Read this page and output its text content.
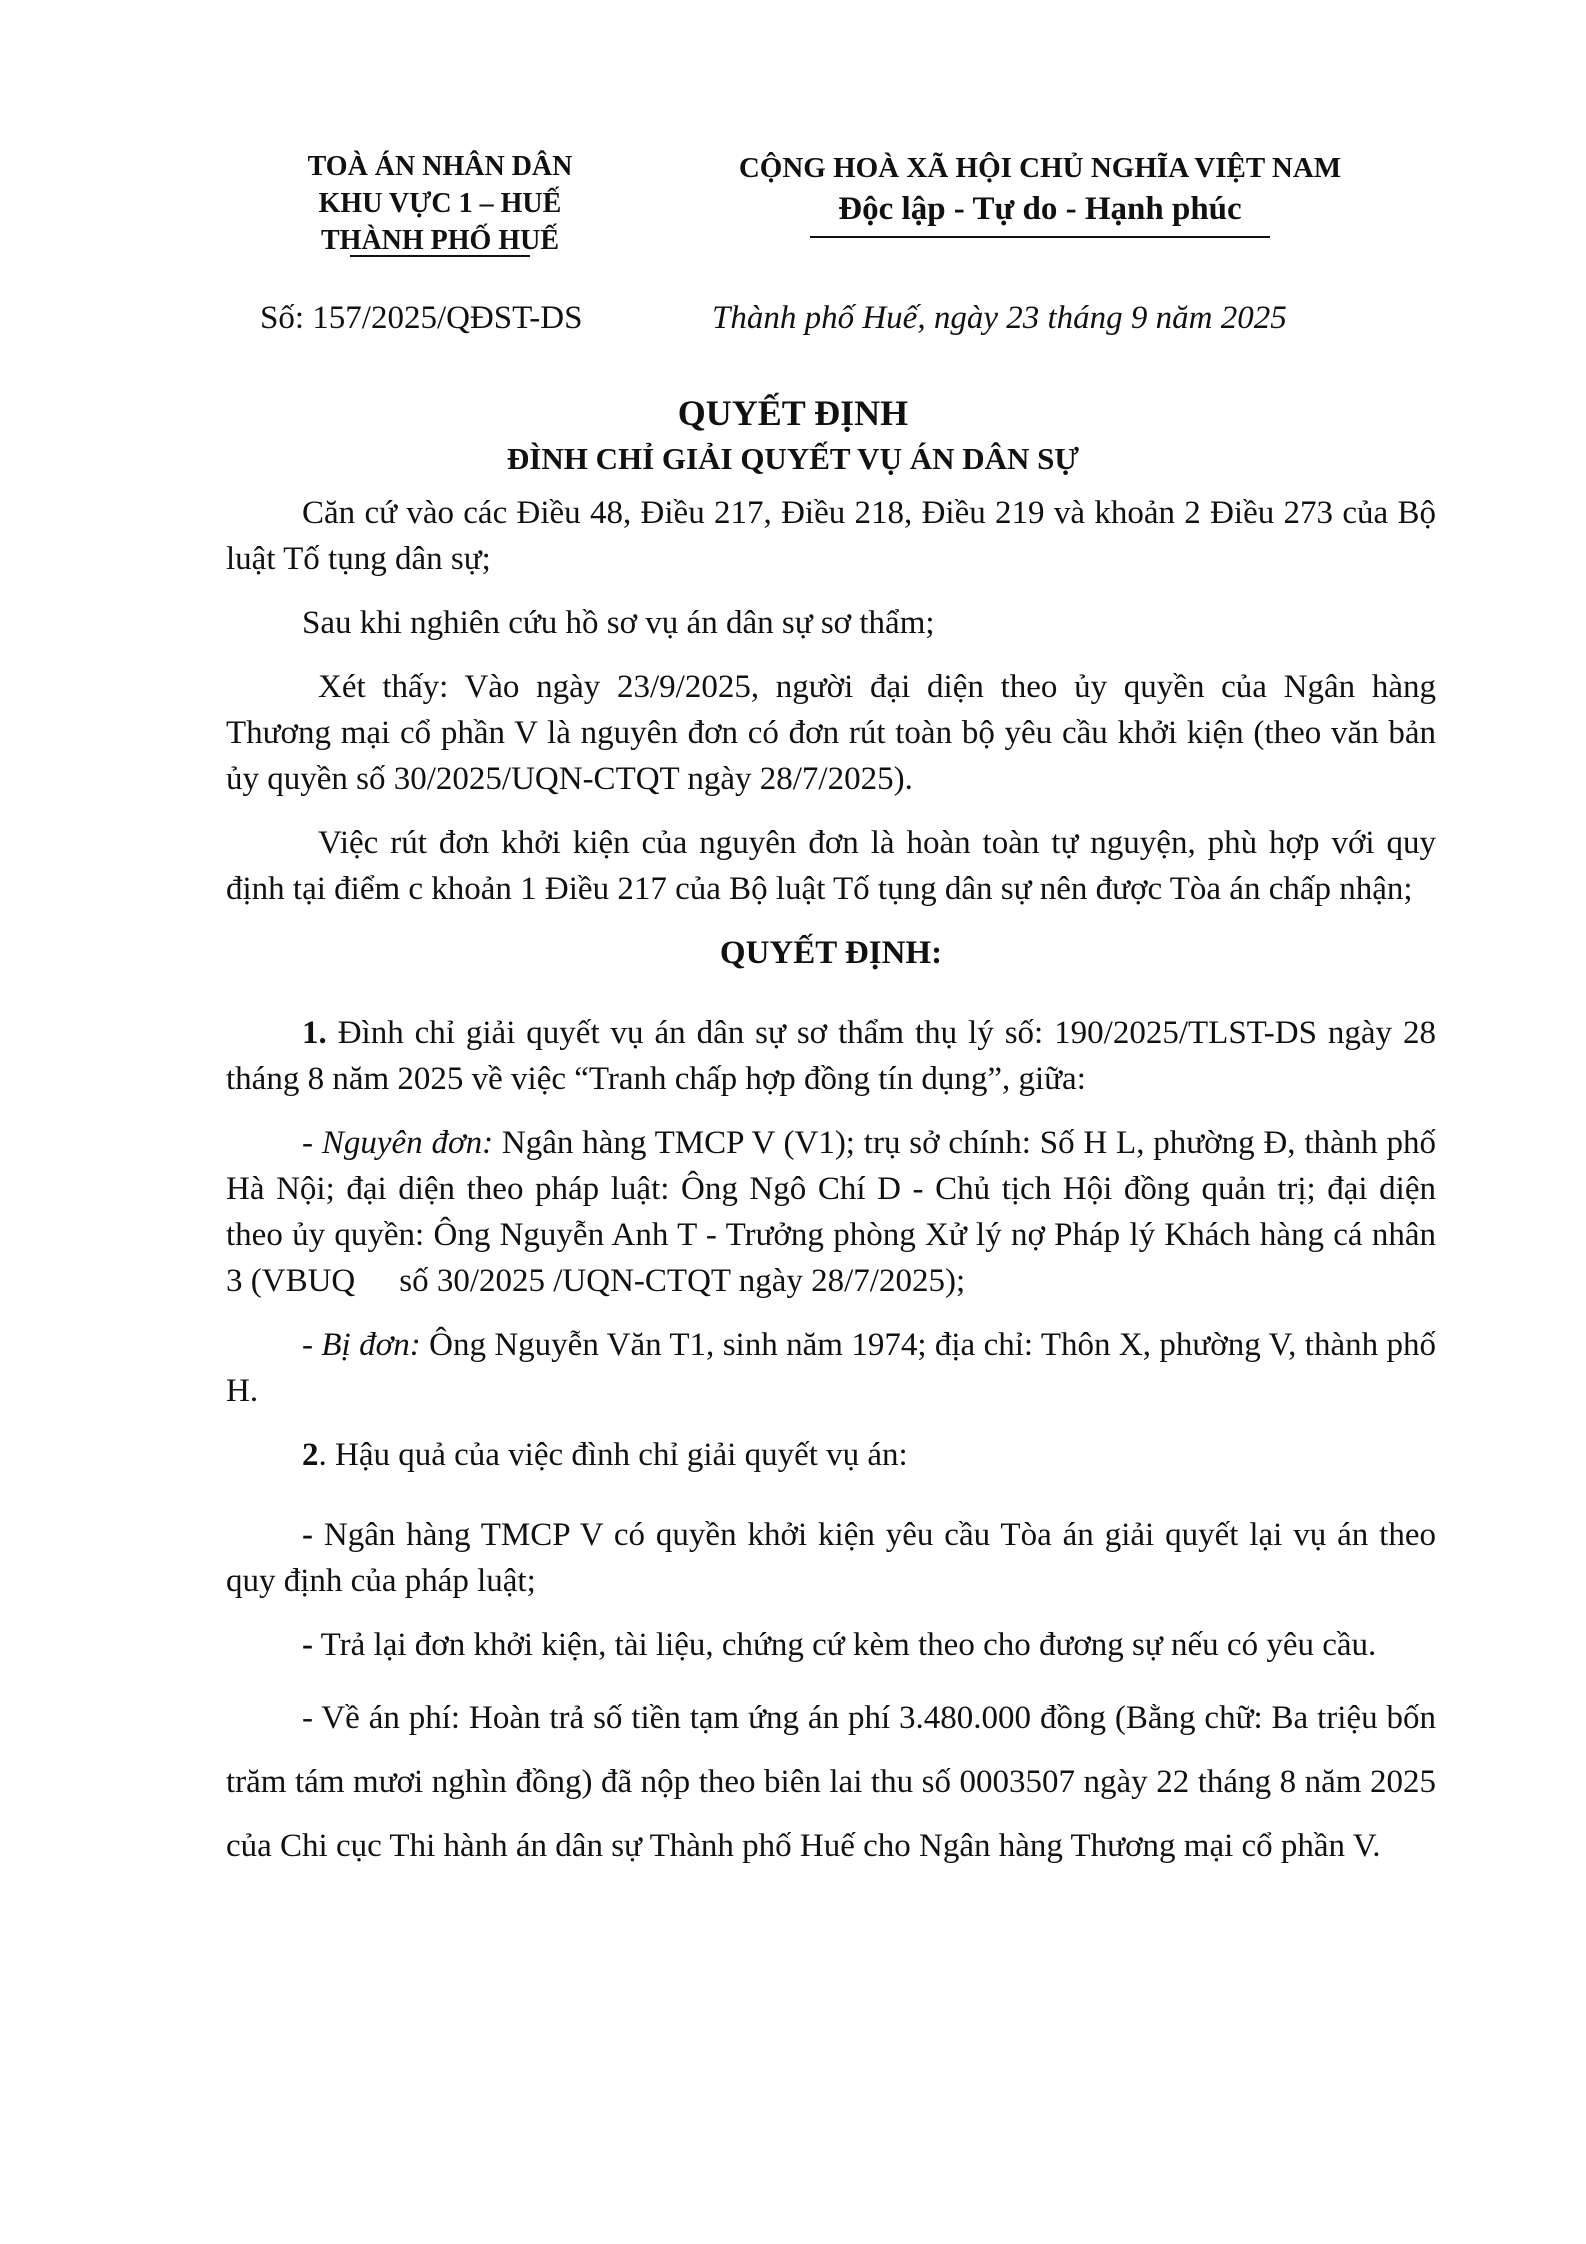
TOÀ ÁN NHÂN DÂN
KHU VỰC 1 – HUẾ
THÀNH PHỐ HUẾ
CỘNG HOÀ XÃ HỘI CHỦ NGHĨA VIỆT NAM
Độc lập - Tự do - Hạnh phúc
Số: 157/2025/QĐST-DS	Thành phố Huế, ngày 23 tháng 9 năm 2025
QUYẾT ĐỊNH
ĐÌNH CHỈ GIẢI QUYẾT VỤ ÁN DÂN SỰ

Căn cứ vào các Điều 48, Điều 217, Điều 218, Điều 219 và khoản 2 Điều 273 của Bộ luật Tố tụng dân sự;

Sau khi nghiên cứu hồ sơ vụ án dân sự sơ thẩm;

Xét thấy: Vào ngày 23/9/2025, người đại diện theo ủy quyền của Ngân hàng Thương mại cổ phần V là nguyên đơn có đơn rút toàn bộ yêu cầu khởi kiện (theo văn bản ủy quyền số 30/2025/UQN-CTQT ngày 28/7/2025).

Việc rút đơn khởi kiện của nguyên đơn là hoàn toàn tự nguyện, phù hợp với quy định tại điểm c khoản 1 Điều 217 của Bộ luật Tố tụng dân sự nên được Tòa án chấp nhận;

QUYẾT ĐỊNH:

1. Đình chỉ giải quyết vụ án dân sự sơ thẩm thụ lý số: 190/2025/TLST-DS ngày 28 tháng 8 năm 2025 về việc “Tranh chấp hợp đồng tín dụng”, giữa:

- Nguyên đơn: Ngân hàng TMCP V (V1); trụ sở chính: Số H L, phường Đ, thành phố Hà Nội; đại diện theo pháp luật: Ông Ngô Chí D - Chủ tịch Hội đồng quản trị; đại diện theo ủy quyền: Ông Nguyễn Anh T - Trưởng phòng Xử lý nợ Pháp lý Khách hàng cá nhân 3 (VBUQ số 30/2025 /UQN-CTQT ngày 28/7/2025);

- Bị đơn: Ông Nguyễn Văn T1, sinh năm 1974; địa chỉ: Thôn X, phường V, thành phố H.

2. Hậu quả của việc đình chỉ giải quyết vụ án:

- Ngân hàng TMCP V có quyền khởi kiện yêu cầu Tòa án giải quyết lại vụ án theo quy định của pháp luật;

- Trả lại đơn khởi kiện, tài liệu, chứng cứ kèm theo cho đương sự nếu có yêu cầu.

- Về án phí: Hoàn trả số tiền tạm ứng án phí 3.480.000 đồng (Bằng chữ: Ba triệu bốn trăm tám mươi nghìn đồng) đã nộp theo biên lai thu số 0003507 ngày 22 tháng 8 năm 2025 của Chi cục Thi hành án dân sự Thành phố Huế cho Ngân hàng Thương mại cổ phần V.
